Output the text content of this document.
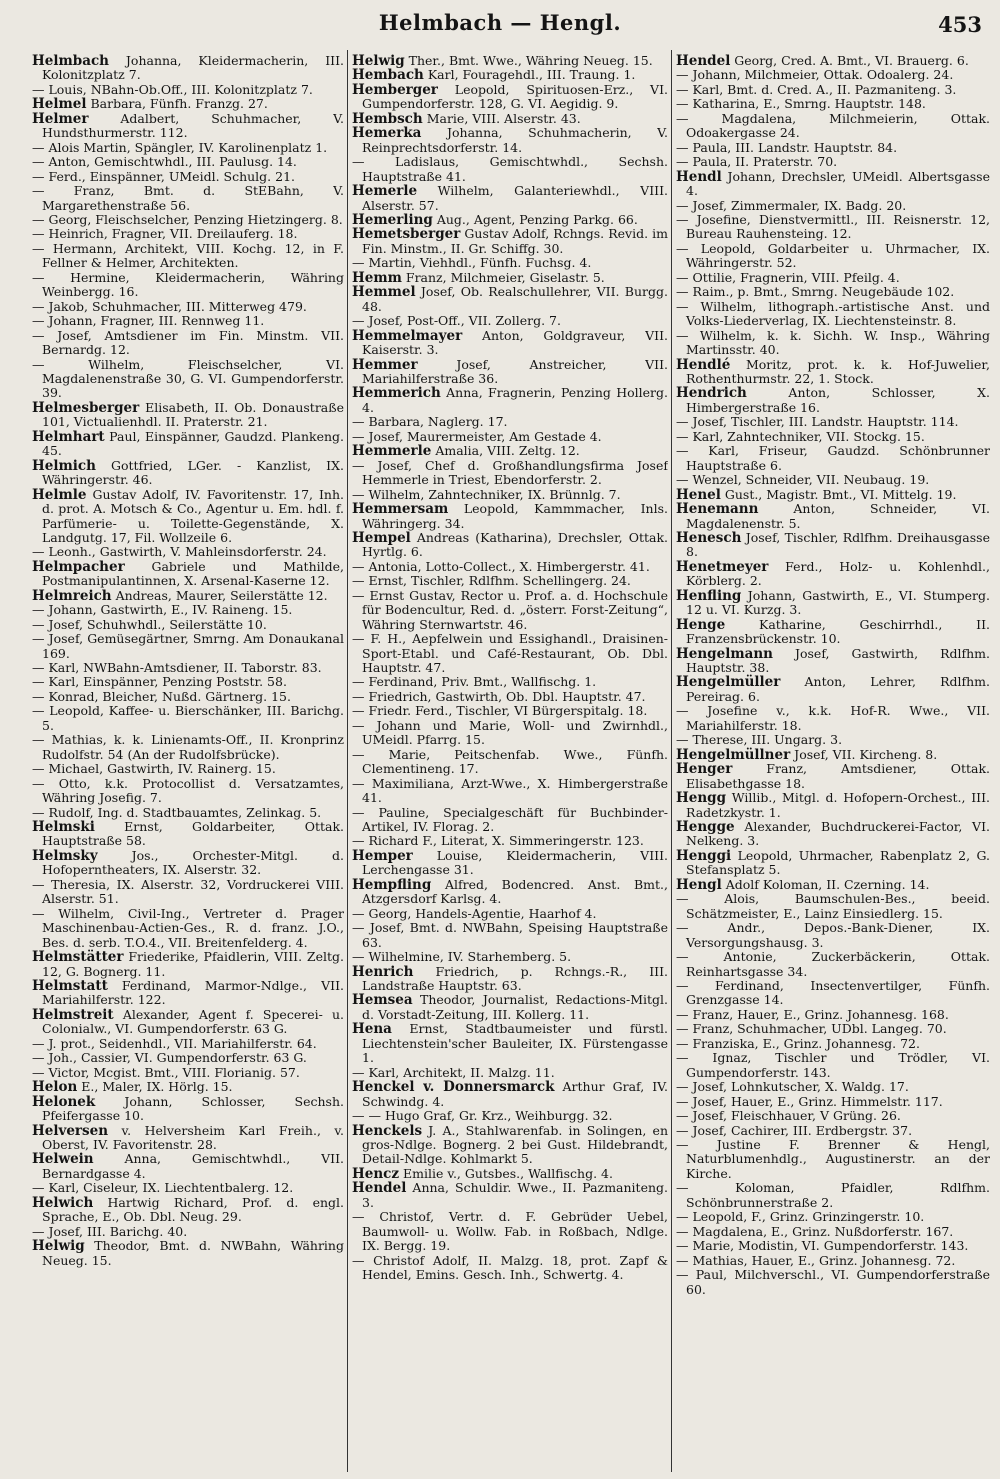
Helmbach — Hengl.	453

Helmbach Johanna, Kleidermacherin, III. Kolonitzplatz 7.

— Louis, NBahn-Ob.Off., III. Kolonitzplatz 7.

Helmel Barbara, Fünfh. Franzg. 27.

Helmer Adalbert, Schuhmacher, V. Hundsthurmerstr. 112.

— Alois Martin, Spängler, IV. Karolinenplatz 1.

— Anton, Gemischtwhdl., III. Paulusg. 14.

— Ferd., Einspänner, UMeidl. Schulg. 21.

— Franz, Bmt. d. StEBahn, V. Margarethenstraße 56.

— Georg, Fleischselcher, Penzing Hietzingerg. 8.

— Heinrich, Fragner, VII. Dreilauferg. 18.

— Hermann, Architekt, VIII. Kochg. 12, in F. Fellner & Helmer, Architekten.

— Hermine, Kleidermacherin, Währing Weinbergg. 16.

— Jakob, Schuhmacher, III. Mitterweg 479.

— Johann, Fragner, III. Rennweg 11.

— Josef, Amtsdiener im Fin. Minstm. VII. Bernardg. 12.

— Wilhelm, Fleischselcher, VI. Magdalenenstraße 30, G. VI. Gumpendorferstr. 39.

Helmesberger Elisabeth, II. Ob. Donaustraße 101, Victualienhdl. II. Praterstr. 21.

Helmhart Paul, Einspänner, Gaudzd. Plankeng. 45.

Helmich Gottfried, LGer. - Kanzlist, IX. Währingerstr. 46.

Helmle Gustav Adolf, IV. Favoritenstr. 17, Inh. d. prot. A. Motsch & Co., Agentur u. Em. hdl. f. Parfümerie- u. Toilette-Gegenstände, X. Landgutg. 17, Fil. Wollzeile 6.

— Leonh., Gastwirth, V. Mahleinsdorferstr. 24.

Helmpacher Gabriele und Mathilde, Postmanipulantinnen, X. Arsenal-Kaserne 12.

Helmreich Andreas, Maurer, Seilerstätte 12.

— Johann, Gastwirth, E., IV. Raineng. 15.

— Josef, Schuhwhdl., Seilerstätte 10.

— Josef, Gemüsegärtner, Smrng. Am Donaukanal 169.

— Karl, NWBahn-Amtsdiener, II. Taborstr. 83.

— Karl, Einspänner, Penzing Poststr. 58.

— Konrad, Bleicher, Nußd. Gärtnerg. 15.

— Leopold, Kaffee- u. Bierschänker, III. Barichg. 5.

— Mathias, k. k. Linienamts-Off., II. Kronprinz Rudolfstr. 54 (An der Rudolfsbrücke).

— Michael, Gastwirth, IV. Rainerg. 15.

— Otto, k.k. Protocollist d. Versatzamtes, Währing Josefig. 7.

— Rudolf, Ing. d. Stadtbauamtes, Zelinkag. 5.

Helmski Ernst, Goldarbeiter, Ottak. Hauptstraße 58.

Helmsky Jos., Orchester-Mitgl. d. Hofoperntheaters, IX. Alserstr. 32.

— Theresia, IX. Alserstr. 32, Vordruckerei VIII. Alserstr. 51.

— Wilhelm, Civil-Ing., Vertreter d. Prager Maschinenbau-Actien-Ges., R. d. franz. J.O., Bes. d. serb. T.O.4., VII. Breitenfelderg. 4.

Helmstätter Friederike, Pfaidlerin, VIII. Zeltg. 12, G. Bognerg. 11.

Helmstatt Ferdinand, Marmor-Ndlge., VII. Mariahilferstr. 122.

Helmstreit Alexander, Agent f. Specerei- u. Colonialw., VI. Gumpendorferstr. 63 G.

— J. prot., Seidenhdl., VII. Mariahilferstr. 64.

— Joh., Cassier, VI. Gumpendorferstr. 63 G.

— Victor, Mcgist. Bmt., VIII. Florianig. 57.

Helon E., Maler, IX. Hörlg. 15.

Helonek Johann, Schlosser, Sechsh. Pfeifergasse 10.

Helversen v. Helversheim Karl Freih., v. Oberst, IV. Favoritenstr. 28.

Helwein Anna, Gemischtwhdl., VII. Bernardgasse 4.

— Karl, Ciseleur, IX. Liechtentbalerg. 12.

Helwich Hartwig Richard, Prof. d. engl. Sprache, E., Ob. Dbl. Neug. 29.

— Josef, III. Barichg. 40.

Helwig Theodor, Bmt. d. NWBahn, Währing Neueg. 15.

Helwig Ther., Bmt. Wwe., Währing Neueg. 15.

Hembach Karl, Fouragehdl., III. Traung. 1.

Hemberger Leopold, Spirituosen-Erz., VI. Gumpendorferstr. 128, G. VI. Aegidig. 9.

Hembsch Marie, VIII. Alserstr. 43.

Hemerka Johanna, Schuhmacherin, V. Reinprechtsdorferstr. 14.

— Ladislaus, Gemischtwhdl., Sechsh. Hauptstraße 41.

Hemerle Wilhelm, Galanteriewhdl., VIII. Alserstr. 57.

Hemerling Aug., Agent, Penzing Parkg. 66.

Hemetsberger Gustav Adolf, Rchngs. Revid. im Fin. Minstm., II. Gr. Schiffg. 30.

— Martin, Viehhdl., Fünfh. Fuchsg. 4.

Hemm Franz, Milchmeier, Giselastr. 5.

Hemmel Josef, Ob. Realschullehrer, VII. Burgg. 48.

— Josef, Post-Off., VII. Zollerg. 7.

Hemmelmayer Anton, Goldgraveur, VII. Kaiserstr. 3.

Hemmer Josef, Anstreicher, VII. Mariahilferstraße 36.

Hemmerich Anna, Fragnerin, Penzing Hollerg. 4.

— Barbara, Naglerg. 17.

— Josef, Maurermeister, Am Gestade 4.

Hemmerle Amalia, VIII. Zeltg. 12.

— Josef, Chef d. Großhandlungsfirma Josef Hemmerle in Triest, Ebendorferstr. 2.

— Wilhelm, Zahntechniker, IX. Brünnlg. 7.

Hemmersam Leopold, Kammmacher, Inls. Währingerg. 34.

Hempel Andreas (Katharina), Drechsler, Ottak. Hyrtlg. 6.

— Antonia, Lotto-Collect., X. Himbergerstr. 41.

— Ernst, Tischler, Rdlfhm. Schellingerg. 24.

— Ernst Gustav, Rector u. Prof. a. d. Hochschule für Bodencultur, Red. d. „österr. Forst-Zeitung“, Währing Sternwartstr. 46.

— F. H., Aepfelwein und Essighandl., Draisinen-Sport-Etabl. und Café-Restaurant, Ob. Dbl. Hauptstr. 47.

— Ferdinand, Priv. Bmt., Wallfischg. 1.

— Friedrich, Gastwirth, Ob. Dbl. Hauptstr. 47.

— Friedr. Ferd., Tischler, VI Bürgerspitalg. 18.

— Johann und Marie, Woll- und Zwirnhdl., UMeidl. Pfarrg. 15.

— Marie, Peitschenfab. Wwe., Fünfh. Clementineng. 17.

— Maximiliana, Arzt-Wwe., X. Himbergerstraße 41.

— Pauline, Specialgeschäft für Buchbinder-Artikel, IV. Florag. 2.

— Richard F., Literat, X. Simmeringerstr. 123.

Hemper Louise, Kleidermacherin, VIII. Lerchengasse 31.

Hempfling Alfred, Bodencred. Anst. Bmt., Atzgersdorf Karlsg. 4.

— Georg, Handels-Agentie, Haarhof 4.

— Josef, Bmt. d. NWBahn, Speising Hauptstraße 63.

— Wilhelmine, IV. Starhemberg. 5.

Henrich Friedrich, p. Rchngs.-R., III. Landstraße Hauptstr. 63.

Hemsea Theodor, Journalist, Redactions-Mitgl. d. Vorstadt-Zeitung, III. Kollerg. 11.

Hena Ernst, Stadtbaumeister und fürstl. Liechtenstein'scher Bauleiter, IX. Fürstengasse 1.

— Karl, Architekt, II. Malzg. 11.

Henckel v. Donnersmarck Arthur Graf, IV. Schwindg. 4.

— — Hugo Graf, Gr. Krz., Weihburgg. 32.

Henckels J. A., Stahlwarenfab. in Solingen, en gros-Ndlge. Bognerg. 2 bei Gust. Hildebrandt, Detail-Ndlge. Kohlmarkt 5.

Hencz Emilie v., Gutsbes., Wallfischg. 4.

Hendel Anna, Schuldir. Wwe., II. Pazmaniteng. 3.

— Christof, Vertr. d. F. Gebrüder Uebel, Baumwoll- u. Wollw. Fab. in Roßbach, Ndlge. IX. Bergg. 19.

— Christof Adolf, II. Malzg. 18, prot. Zapf & Hendel, Emins. Gesch. Inh., Schwertg. 4.

Hendel Georg, Cred. A. Bmt., VI. Brauerg. 6.

— Johann, Milchmeier, Ottak. Odoalerg. 24.

— Karl, Bmt. d. Cred. A., II. Pazmaniteng. 3.

— Katharina, E., Smrng. Hauptstr. 148.

— Magdalena, Milchmeierin, Ottak. Odoakergasse 24.

— Paula, III. Landstr. Hauptstr. 84.

— Paula, II. Praterstr. 70.

Hendl Johann, Drechsler, UMeidl. Albertsgasse 4.

— Josef, Zimmermaler, IX. Badg. 20.

— Josefine, Dienstvermittl., III. Reisnerstr. 12, Bureau Rauhensteing. 12.

— Leopold, Goldarbeiter u. Uhrmacher, IX. Währingerstr. 52.

— Ottilie, Fragnerin, VIII. Pfeilg. 4.

— Raim., p. Bmt., Smrng. Neugebäude 102.

— Wilhelm, lithograph.-artistische Anst. und Volks-Liederverlag, IX. Liechtensteinstr. 8.

— Wilhelm, k. k. Sichh. W. Insp., Währing Martinsstr. 40.

Hendlé Moritz, prot. k. k. Hof-Juwelier, Rothenthurmstr. 22, 1. Stock.

Hendrich Anton, Schlosser, X. Himbergerstraße 16.

— Josef, Tischler, III. Landstr. Hauptstr. 114.

— Karl, Zahntechniker, VII. Stockg. 15.

— Karl, Friseur, Gaudzd. Schönbrunner Hauptstraße 6.

— Wenzel, Schneider, VII. Neubaug. 19.

Henel Gust., Magistr. Bmt., VI. Mittelg. 19.

Henemann Anton, Schneider, VI. Magdalenenstr. 5.

Henesch Josef, Tischler, Rdlfhm. Dreihausgasse 8.

Henetmeyer Ferd., Holz- u. Kohlenhdl., Körblerg. 2.

Henfling Johann, Gastwirth, E., VI. Stumperg. 12 u. VI. Kurzg. 3.

Henge Katharine, Geschirrhdl., II. Franzensbrückenstr. 10.

Hengelmann Josef, Gastwirth, Rdlfhm. Hauptstr. 38.

Hengelmüller Anton, Lehrer, Rdlfhm. Pereirag. 6.

— Josefine v., k.k. Hof-R. Wwe., VII. Mariahilferstr. 18.

— Therese, III. Ungarg. 3.

Hengelmüllner Josef, VII. Kircheng. 8.

Henger Franz, Amtsdiener, Ottak. Elisabethgasse 18.

Hengg Willib., Mitgl. d. Hofopern-Orchest., III. Radetzkystr. 1.

Hengge Alexander, Buchdruckerei-Factor, VI. Nelkeng. 3.

Henggi Leopold, Uhrmacher, Rabenplatz 2, G. Stefansplatz 5.

Hengl Adolf Koloman, II. Czerning. 14.

— Alois, Baumschulen-Bes., beeid. Schätzmeister, E., Lainz Einsiedlerg. 15.

— Andr., Depos.-Bank-Diener, IX. Versorgungshausg. 3.

— Antonie, Zuckerbäckerin, Ottak. Reinhartsgasse 34.

— Ferdinand, Insectenvertilger, Fünfh. Grenzgasse 14.

— Franz, Hauer, E., Grinz. Johannesg. 168.

— Franz, Schuhmacher, UDbl. Langeg. 70.

— Franziska, E., Grinz. Johannesg. 72.

— Ignaz, Tischler und Trödler, VI. Gumpendorferstr. 143.

— Josef, Lohnkutscher, X. Waldg. 17.

— Josef, Hauer, E., Grinz. Himmelstr. 117.

— Josef, Fleischhauer, V Grüng. 26.

— Josef, Cachirer, III. Erdbergstr. 37.

— Justine F. Brenner & Hengl, Naturblumenhdlg., Augustinerstr. an der Kirche.

— Koloman, Pfaidler, Rdlfhm. Schönbrunnerstraße 2.

— Leopold, F., Grinz. Grinzingerstr. 10.

— Magdalena, E., Grinz. Nußdorferstr. 167.

— Marie, Modistin, VI. Gumpendorferstr. 143.

— Mathias, Hauer, E., Grinz. Johannesg. 72.

— Paul, Milchverschl., VI. Gumpendorferstraße 60.
